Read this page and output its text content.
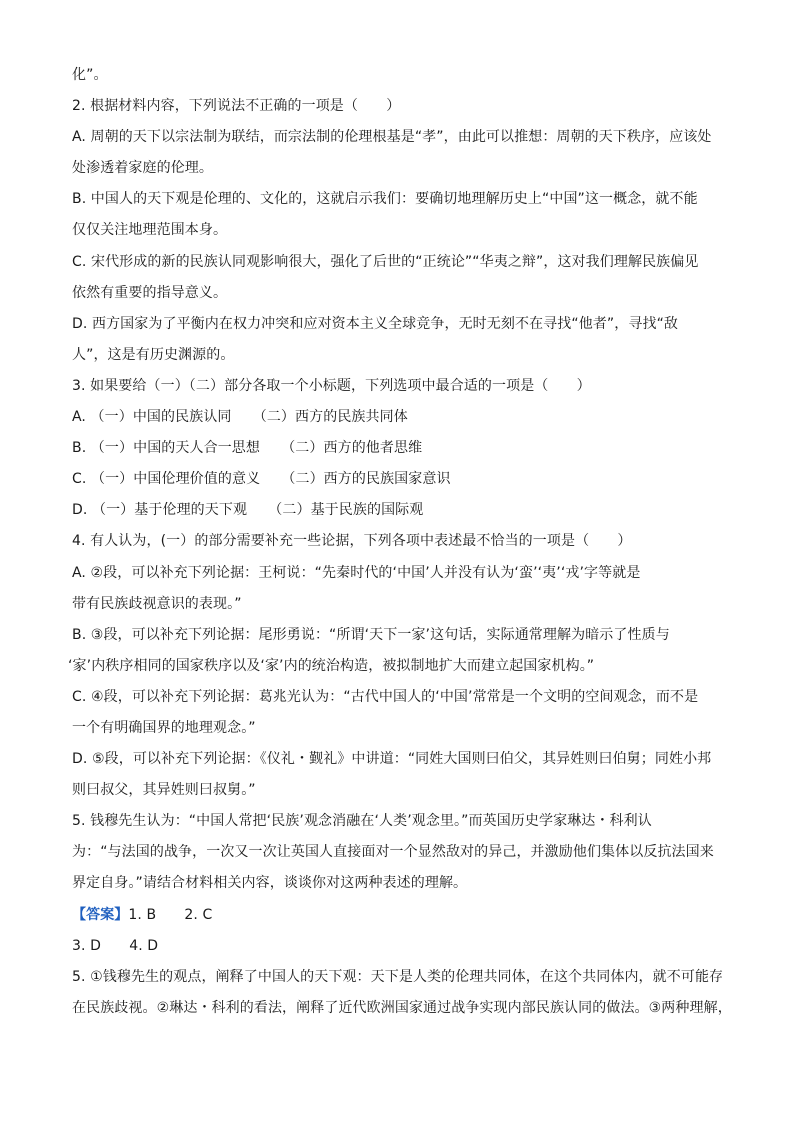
化”。
2. 根据材料内容，下列说法不正确的一项是（　　）
A. 周朝的天下以宗法制为联结，而宗法制的伦理根基是“孝”，由此可以推想：周朝的天下秩序，应该处
处渗透着家庭的伦理。
B. 中国人的天下观是伦理的、文化的，这就启示我们：要确切地理解历史上“中国”这一概念，就不能
仅仅关注地理范围本身。
C. 宋代形成的新的民族认同观影响很大，强化了后世的“正统论”“华夷之辩”，这对我们理解民族偏见
依然有重要的指导意义。
D. 西方国家为了平衡内在权力冲突和应对资本主义全球竞争，无时无刻不在寻找“他者”，寻找“敌
人”，这是有历史渊源的。
3. 如果要给（一）（二）部分各取一个小标题，下列选项中最合适的一项是（　　）
A. （一）中国的民族认同　　（二）西方的民族共同体
B. （一）中国的天人合一思想　　（二）西方的他者思维
C. （一）中国伦理价值的意义　　（二）西方的民族国家意识
D. （一）基于伦理的天下观　　（二）基于民族的国际观
4. 有人认为，(一）的部分需要补充一些论据，下列各项中表述最不恰当的一项是（　　）
A. ②段，可以补充下列论据：王柯说：“先秦时代的‘中国’人并没有认为‘蛮’‘夷’‘戎’字等就是
带有民族歧视意识的表现。”
B. ③段，可以补充下列论据：尾形勇说：“所谓‘天下一家’这句话，实际通常理解为暗示了性质与
‘家’内秩序相同的国家秩序以及‘家’内的统治构造，被拟制地扩大而建立起国家机构。”
C. ④段，可以补充下列论据：葛兆光认为：“古代中国人的‘中国’常常是一个文明的空间观念，而不是
一个有明确国界的地理观念。”
D. ⑤段，可以补充下列论据：《仪礼・觐礼》中讲道：“同姓大国则曰伯父，其异姓则曰伯舅；同姓小邦
则曰叔父，其异姓则曰叔舅。”
5. 钱穆先生认为：“中国人常把‘民族’观念消融在‘人类’观念里。”而英国历史学家琳达・科利认
为：“与法国的战争，一次又一次让英国人直接面对一个显然敌对的异己，并激励他们集体以反抗法国来
界定自身。”请结合材料相关内容，谈谈你对这两种表述的理解。
【答案】1. B　　2. C
3. D　　4. D
5. ①钱穆先生的观点，阐释了中国人的天下观：天下是人类的伦理共同体，在这个共同体内，就不可能存
在民族歧视。②琳达・科利的看法，阐释了近代欧洲国家通过战争实现内部民族认同的做法。③两种理解，
